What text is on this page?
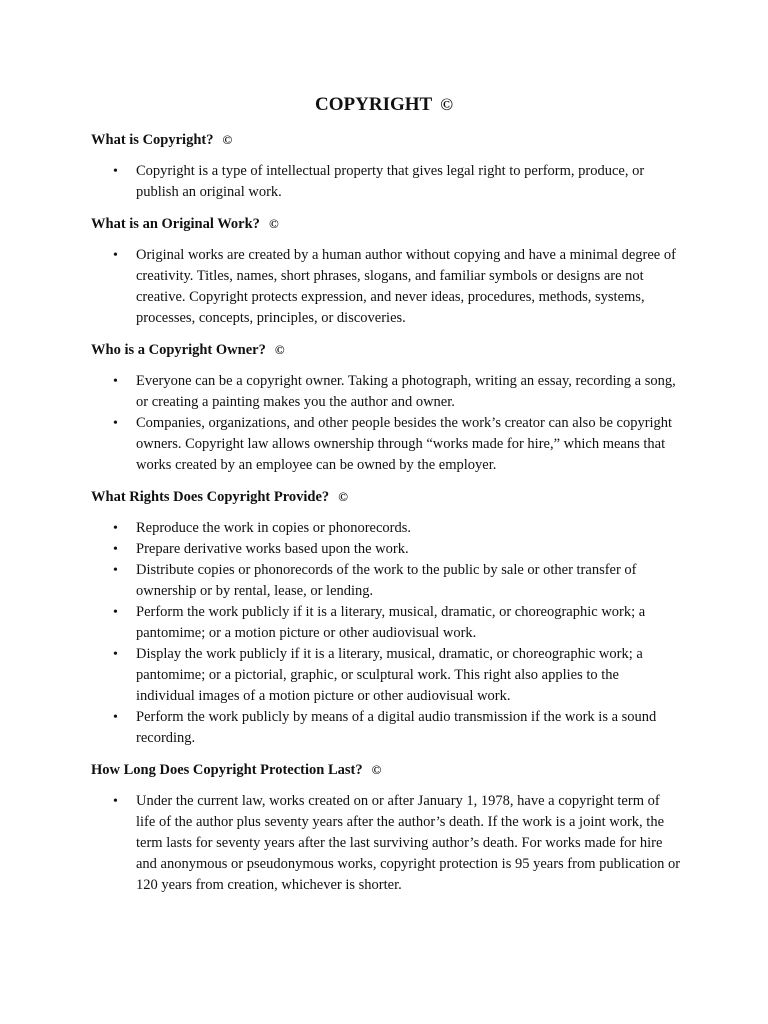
COPYRIGHT ©
What is Copyright? ©
• Copyright is a type of intellectual property that gives legal right to perform, produce, or publish an original work.
What is an Original Work? ©
• Original works are created by a human author without copying and have a minimal degree of creativity. Titles, names, short phrases, slogans, and familiar symbols or designs are not creative. Copyright protects expression, and never ideas, procedures, methods, systems, processes, concepts, principles, or discoveries.
Who is a Copyright Owner? ©
• Everyone can be a copyright owner. Taking a photograph, writing an essay, recording a song, or creating a painting makes you the author and owner.
• Companies, organizations, and other people besides the work’s creator can also be copyright owners. Copyright law allows ownership through “works made for hire,” which means that works created by an employee can be owned by the employer.
What Rights Does Copyright Provide? ©
• Reproduce the work in copies or phonorecords.
• Prepare derivative works based upon the work.
• Distribute copies or phonorecords of the work to the public by sale or other transfer of ownership or by rental, lease, or lending.
• Perform the work publicly if it is a literary, musical, dramatic, or choreographic work; a pantomime; or a motion picture or other audiovisual work.
• Display the work publicly if it is a literary, musical, dramatic, or choreographic work; a pantomime; or a pictorial, graphic, or sculptural work. This right also applies to the individual images of a motion picture or other audiovisual work.
• Perform the work publicly by means of a digital audio transmission if the work is a sound recording.
How Long Does Copyright Protection Last? ©
• Under the current law, works created on or after January 1, 1978, have a copyright term of life of the author plus seventy years after the author’s death. If the work is a joint work, the term lasts for seventy years after the last surviving author’s death. For works made for hire and anonymous or pseudonymous works, copyright protection is 95 years from publication or 120 years from creation, whichever is shorter.
